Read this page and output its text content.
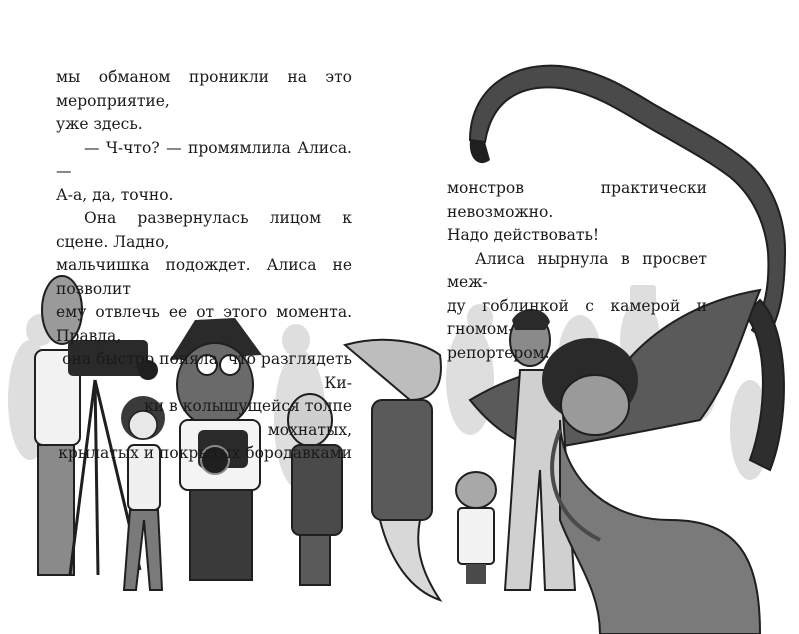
мы обманом проникли на это мероприятие,

уже здесь.

— Ч-что? — промямлила Алиса. —

А-а, да, точно.

Она развернулась лицом к сцене. Ладно,

мальчишка подождет. Алиса не позволит

ему отвлечь ее от этого момента. Правда,

она быстро поняла, что разглядеть Ки-

ки в колышущейся толпе мохнатых,

крылатых и покрытых бородавками

монстров практически невозможно.

Надо действовать!

Алиса нырнула в просвет меж-

ду гоблинкой с камерой и гномом-

репортером.
